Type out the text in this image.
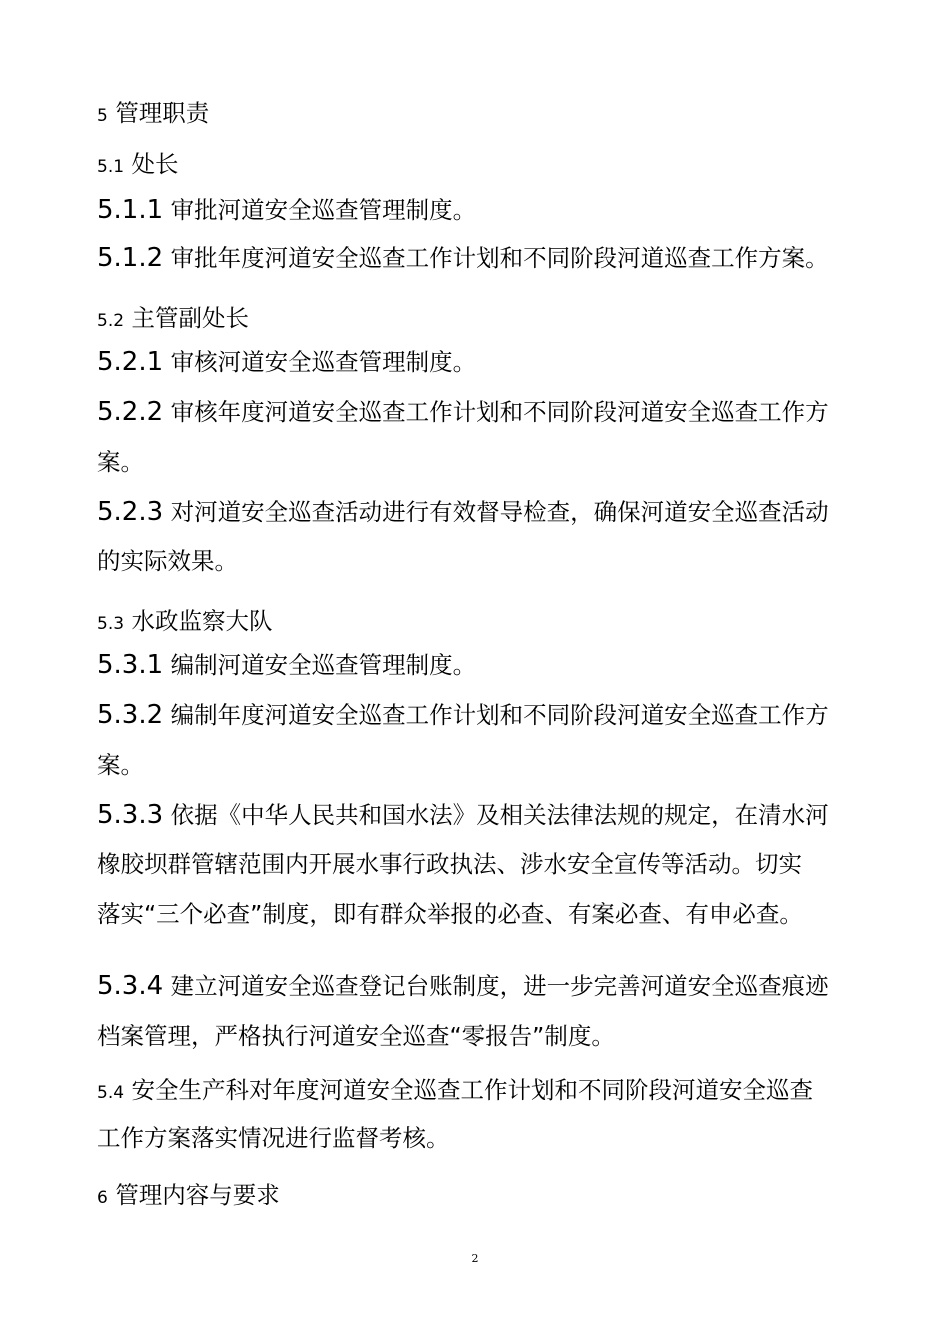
5 管理职责
5.1 处长
5.1.1 审批河道安全巡查管理制度。
5.1.2 审批年度河道安全巡查工作计划和不同阶段河道巡查工作方案。
5.2 主管副处长
5.2.1 审核河道安全巡查管理制度。
5.2.2 审核年度河道安全巡查工作计划和不同阶段河道安全巡查工作方
案。
5.2.3 对河道安全巡查活动进行有效督导检查，确保河道安全巡查活动
的实际效果。
5.3 水政监察大队
5.3.1 编制河道安全巡查管理制度。
5.3.2 编制年度河道安全巡查工作计划和不同阶段河道安全巡查工作方
案。
5.3.3 依据《中华人民共和国水法》及相关法律法规的规定，在清水河
橡胶坝群管辖范围内开展水事行政执法、涉水安全宣传等活动。切实
落实“三个必查”制度，即有群众举报的必查、有案必查、有申必查。
5.3.4 建立河道安全巡查登记台账制度，进一步完善河道安全巡查痕迹
档案管理，严格执行河道安全巡查“零报告”制度。
5.4 安全生产科对年度河道安全巡查工作计划和不同阶段河道安全巡查
工作方案落实情况进行监督考核。
6 管理内容与要求
2
